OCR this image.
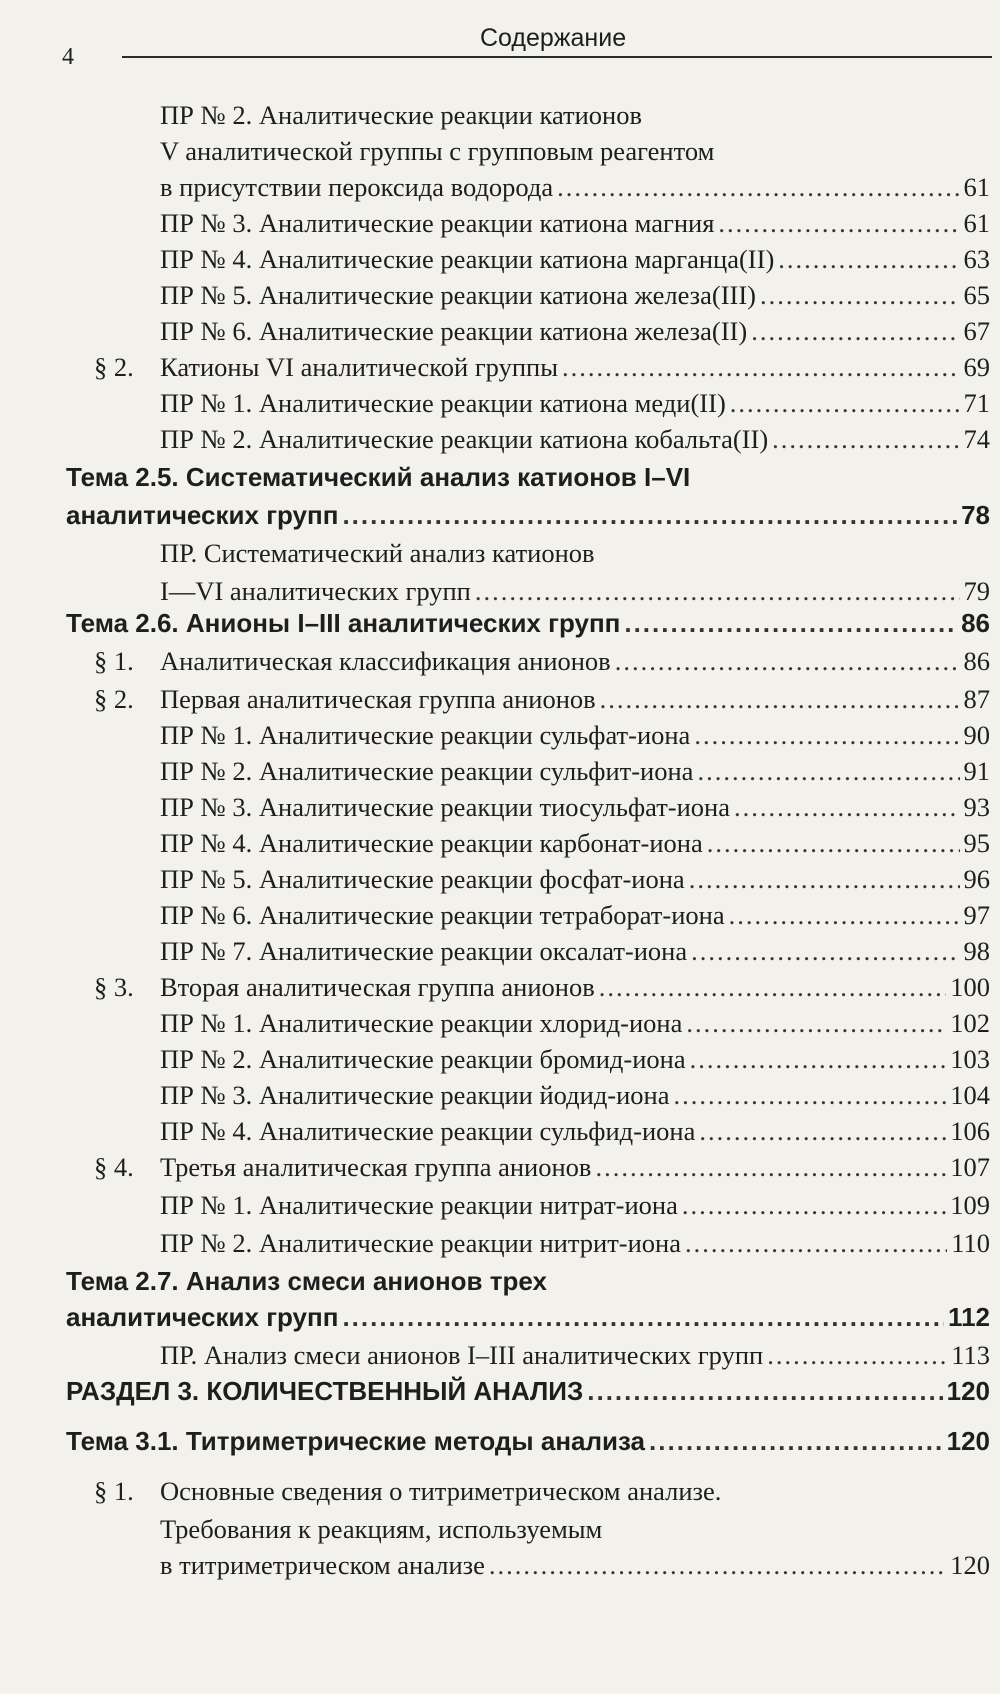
4
Содержание
ПР № 2. Аналитические реакции катионов
V аналитической группы с групповым реагентом
в присутствии пероксида водорода .....	61
ПР № 3. Аналитические реакции катиона магния .....	61
ПР № 4. Аналитические реакции катиона марганца(II) .....	63
ПР № 5. Аналитические реакции катиона железа(III) .....	65
ПР № 6. Аналитические реакции катиона железа(II) .....	67
§ 2. Катионы VI аналитической группы .....	69
ПР № 1. Аналитические реакции катиона меди(II) .....	71
ПР № 2. Аналитические реакции катиона кобальта(II) .....	74
Тема 2.5. Систематический анализ катионов I–VI
аналитических групп .....	78
ПР. Систематический анализ катионов
I—VI аналитических групп .....	79
Тема 2.6. Анионы I–III аналитических групп .....	86
§ 1. Аналитическая классификация анионов .....	86
§ 2. Первая аналитическая группа анионов .....	87
ПР № 1. Аналитические реакции сульфат-иона .....	90
ПР № 2. Аналитические реакции сульфит-иона .....	91
ПР № 3. Аналитические реакции тиосульфат-иона .....	93
ПР № 4. Аналитические реакции карбонат-иона .....	95
ПР № 5. Аналитические реакции фосфат-иона .....	96
ПР № 6. Аналитические реакции тетраборат-иона .....	97
ПР № 7. Аналитические реакции оксалат-иона .....	98
§ 3. Вторая аналитическая группа анионов .....	100
ПР № 1. Аналитические реакции хлорид-иона .....	102
ПР № 2. Аналитические реакции бромид-иона .....	103
ПР № 3. Аналитические реакции йодид-иона .....	104
ПР № 4. Аналитические реакции сульфид-иона .....	106
§ 4. Третья аналитическая группа анионов .....	107
ПР № 1. Аналитические реакции нитрат-иона .....	109
ПР № 2. Аналитические реакции нитрит-иона .....	110
Тема 2.7. Анализ смеси анионов трех
аналитических групп .....	112
ПР. Анализ смеси анионов I–III аналитических групп .....	113
РАЗДЕЛ 3. КОЛИЧЕСТВЕННЫЙ АНАЛИЗ .....	120
Тема 3.1. Титриметрические методы анализа .....	120
§ 1. Основные сведения о титриметрическом анализе.
Требования к реакциям, используемым
в титриметрическом анализе .....	120
